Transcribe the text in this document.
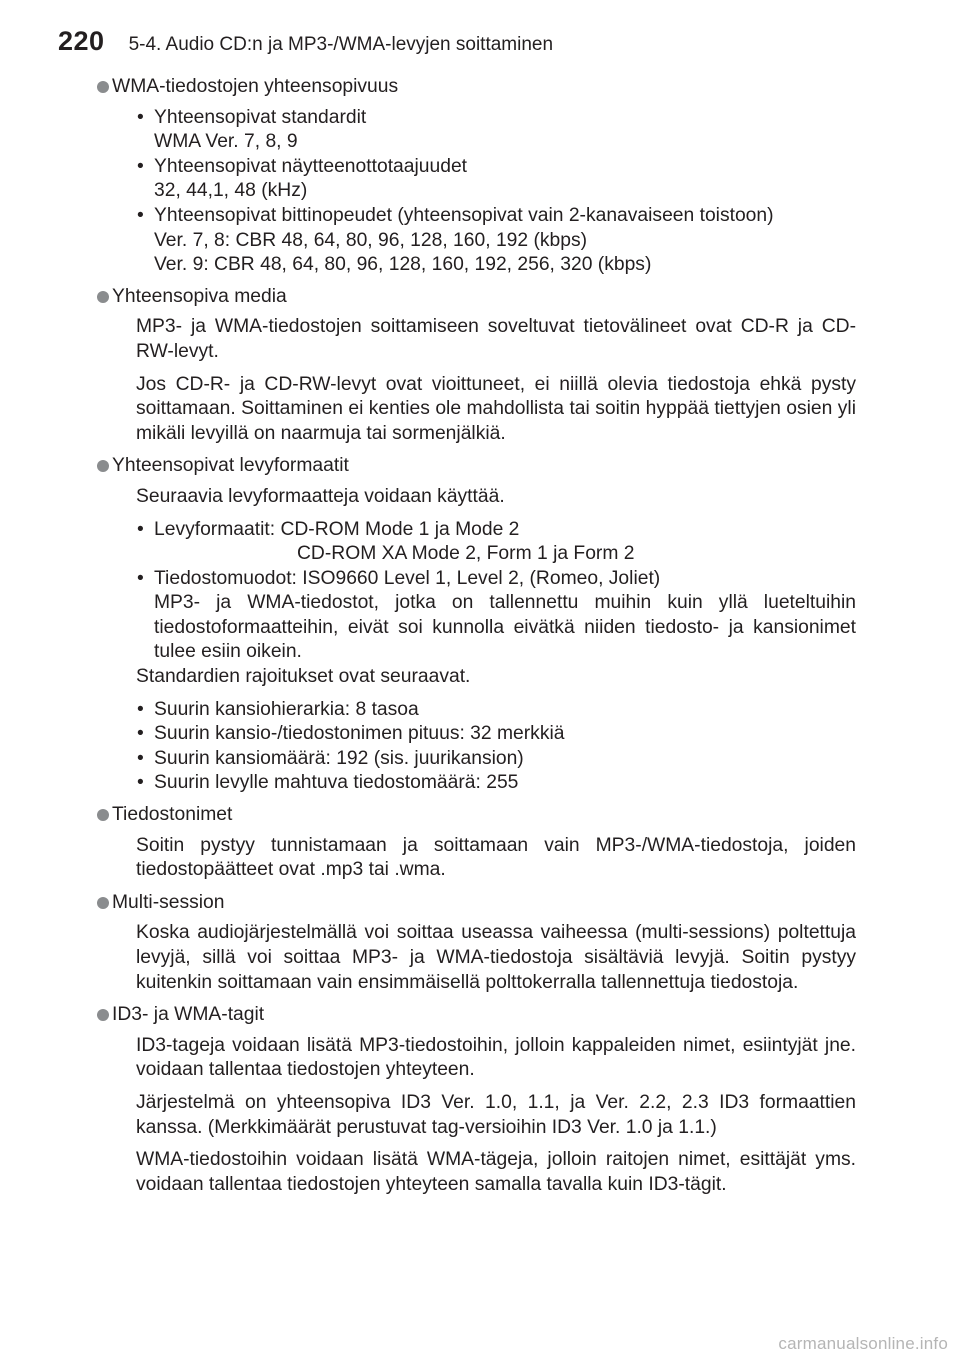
220 5-4. Audio CD:n ja MP3-/WMA-levyjen soittaminen
WMA-tiedostojen yhteensopivuus
• Yhteensopivat standardit
WMA Ver. 7, 8, 9
• Yhteensopivat näytteenottotaajuudet
32, 44,1, 48 (kHz)
• Yhteensopivat bittinopeudet (yhteensopivat vain 2-kanavaiseen toistoon)
Ver. 7, 8: CBR 48, 64, 80, 96, 128, 160, 192 (kbps)
Ver. 9: CBR 48, 64, 80, 96, 128, 160, 192, 256, 320 (kbps)
Yhteensopiva media
MP3- ja WMA-tiedostojen soittamiseen soveltuvat tietovälineet ovat CD-R ja CD-RW-levyt.
Jos CD-R- ja CD-RW-levyt ovat vioittuneet, ei niillä olevia tiedostoja ehkä pysty soittamaan. Soittaminen ei kenties ole mahdollista tai soitin hyppää tiettyjen osien yli mikäli levyillä on naarmuja tai sormenjälkiä.
Yhteensopivat levyformaatit
Seuraavia levyformaatteja voidaan käyttää.
• Levyformaatit: CD-ROM Mode 1 ja Mode 2
CD-ROM XA Mode 2, Form 1 ja Form 2
• Tiedostomuodot: ISO9660 Level 1, Level 2, (Romeo, Joliet)
MP3- ja WMA-tiedostot, jotka on tallennettu muihin kuin yllä lueteltuihin tiedostoformaatteihin, eivät soi kunnolla eivätkä niiden tiedosto- ja kansionimet tulee esiin oikein.
Standardien rajoitukset ovat seuraavat.
• Suurin kansiohierarkia: 8 tasoa
• Suurin kansio-/tiedostonimen pituus: 32 merkkiä
• Suurin kansiomäärä: 192 (sis. juurikansion)
• Suurin levylle mahtuva tiedostomäärä: 255
Tiedostonimet
Soitin pystyy tunnistamaan ja soittamaan vain MP3-/WMA-tiedostoja, joiden tiedostopäätteet ovat .mp3 tai .wma.
Multi-session
Koska audiojärjestelmällä voi soittaa useassa vaiheessa (multi-sessions) poltettuja levyjä, sillä voi soittaa MP3- ja WMA-tiedostoja sisältäviä levyjä. Soitin pystyy kuitenkin soittamaan vain ensimmäisellä polttokerralla tallennettuja tiedostoja.
ID3- ja WMA-tagit
ID3-tageja voidaan lisätä MP3-tiedostoihin, jolloin kappaleiden nimet, esiintyjät jne. voidaan tallentaa tiedostojen yhteyteen.
Järjestelmä on yhteensopiva ID3 Ver. 1.0, 1.1, ja Ver. 2.2, 2.3 ID3 formaattien kanssa. (Merkkimäärät perustuvat tag-versioihin ID3 Ver. 1.0 ja 1.1.)
WMA-tiedostoihin voidaan lisätä WMA-tägeja, jolloin raitojen nimet, esittäjät yms. voidaan tallentaa tiedostojen yhteyteen samalla tavalla kuin ID3-tägit.
carmanualsonline.info
